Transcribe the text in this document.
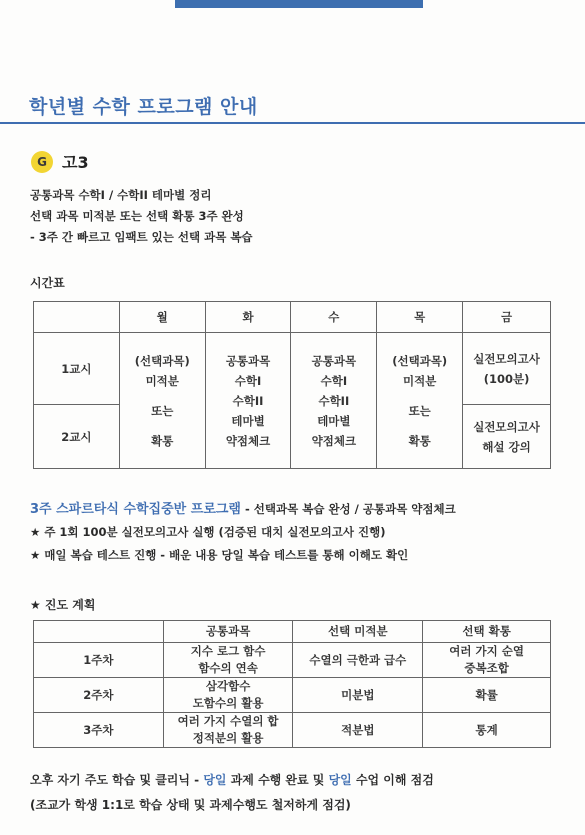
학년별 수학 프로그램 안내
G 고3

공통과목 수학I / 수학II 테마별 정리

선택 과목 미적분 또는 선택 확통 3주 완성

- 3주 간 빠르고 임팩트 있는 선택 과목 복습

시간표
	월	화	수	목	금
1교시	(선택과목)
미적분

또는

확통	공통과목
수학I
수학II
테마별
약점체크	공통과목
수학I
수학II
테마별
약점체크	(선택과목)
미적분

또는

확통	실전모의고사
(100분)
2교시					실전모의고사
해설 강의
3주 스파르타식 수학집중반 프로그램 - 선택과목 복습 완성 / 공통과목 약점체크
★ 주 1회 100분 실전모의고사 실행 (검증된 대치 실전모의고사 진행)
★ 매일 복습 테스트 진행 - 배운 내용 당일 복습 테스트를 통해 이해도 확인
★ 진도 계획
	공통과목	선택 미적분	선택 확통
1주차	지수 로그 함수
함수의 연속	수열의 극한과 급수	여러 가지 순열
중복조합
2주차	삼각함수
도함수의 활용	미분법	확률
3주차	여러 가지 수열의 합
정적분의 활용	적분법	통계
오후 자기 주도 학습 및 클리닉 - 당일 과제 수행 완료 및 당일 수업 이해 점검
(조교가 학생 1:1로 학습 상태 및 과제수행도 철저하게 점검)
